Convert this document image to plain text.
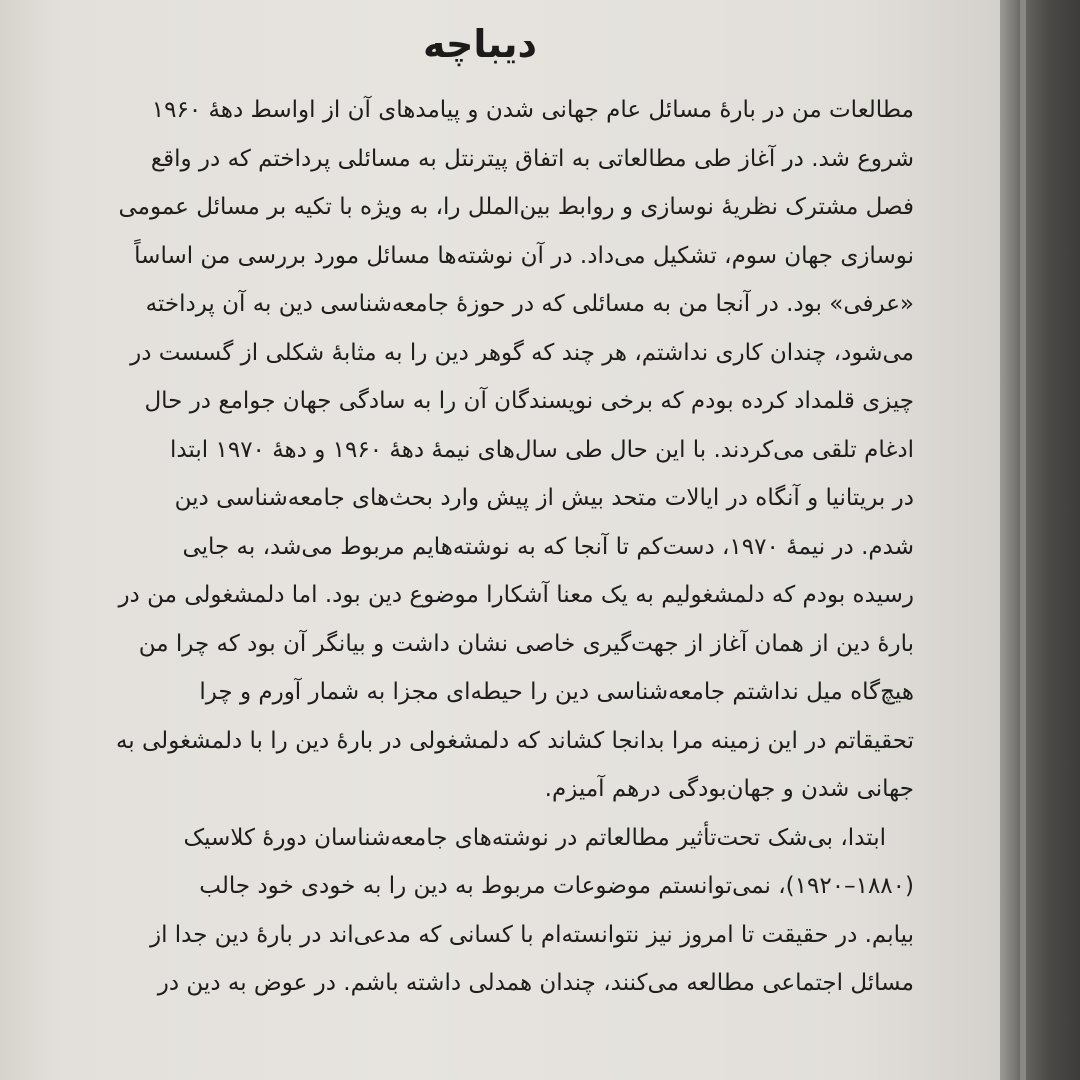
دیباچه
مطالعات من در بارهٔ مسائل عام جهانی شدن و پیامدهای آن از اواسط دههٔ ۱۹۶۰
شروع شد. در آغاز طی مطالعاتی به اتفاق پیترنتل به مسائلی پرداختم که در واقع
فصل مشترک نظریهٔ نوسازی و روابط بین‌الملل را، به ویژه با تکیه بر مسائل عمومی
نوسازی جهان سوم، تشکیل می‌داد. در آن نوشته‌ها مسائل مورد بررسی من اساساً
«عرفی» بود. در آنجا من به مسائلی که در حوزهٔ جامعه‌شناسی دین به آن پرداخته
می‌شود، چندان کاری نداشتم، هر چند که گوهر دین را به مثابهٔ شکلی از گسست در
چیزی قلمداد کرده بودم که برخی نویسندگان آن را به سادگی جهان جوامع در حال
ادغام تلقی می‌کردند. با این حال طی سال‌های نیمهٔ دههٔ ۱۹۶۰ و دههٔ ۱۹۷۰ ابتدا
در بریتانیا و آنگاه در ایالات متحد بیش از پیش وارد بحث‌های جامعه‌شناسی دین
شدم. در نیمهٔ ۱۹۷۰، دست‌کم تا آنجا که به نوشته‌هایم مربوط می‌شد، به جایی
رسیده بودم که دلمشغولیم به یک معنا آشکارا موضوع دین بود. اما دلمشغولی من در
بارهٔ دین از همان آغاز از جهت‌گیری خاصی نشان داشت و بیانگر آن بود که چرا من
هیچ‌گاه میل نداشتم جامعه‌شناسی دین را حیطه‌ای مجزا به شمار آورم و چرا
تحقیقاتم در این زمینه مرا بدانجا کشاند که دلمشغولی در بارهٔ دین را با دلمشغولی به
جهانی شدن و جهان‌بودگی درهم آمیزم.
ابتدا، بی‌شک تحت‌تأثیر مطالعاتم در نوشته‌های جامعه‌شناسان دورهٔ کلاسیک
(۱۸۸۰–۱۹۲۰)، نمی‌توانستم موضوعات مربوط به دین را به خودی خود جالب
بیابم. در حقیقت تا امروز نیز نتوانسته‌ام با کسانی که مدعی‌اند در بارهٔ دین جدا از
مسائل اجتماعی مطالعه می‌کنند، چندان همدلی داشته باشم. در عوض به دین در
